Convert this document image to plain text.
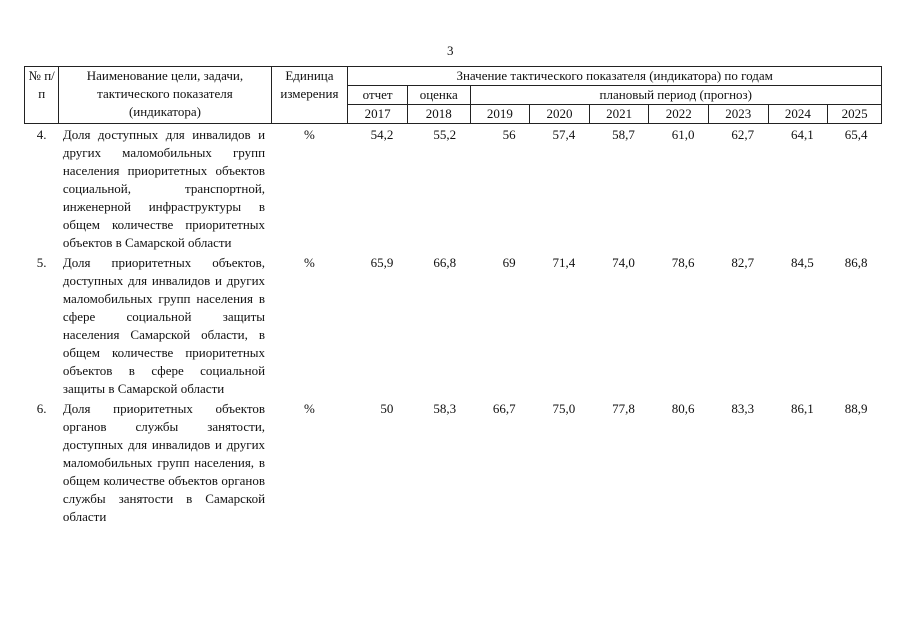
3
№ п/п	Наименование цели, задачи, тактического показателя (индикатора)	Единица измерения	Значение тактического показателя (индикатора) по годам								
			отчет	оценка	плановый период (прогноз)						
			2017	2018	2019	2020	2021	2022	2023	2024	2025
4.	Доля доступных для инвалидов и других маломобильных групп населения приоритетных объектов социальной, транспортной, инженерной инфраструктуры в общем количестве приоритетных объектов в Самарской области	%	54,2	55,2	56	57,4	58,7	61,0	62,7	64,1	65,4
5.	Доля приоритетных объектов, доступных для инвалидов и других маломобильных групп населения в сфере социальной защиты населения Самарской области, в общем количестве приоритетных объектов в сфере социальной защиты в Самарской области	%	65,9	66,8	69	71,4	74,0	78,6	82,7	84,5	86,8
6.	Доля приоритетных объектов органов службы занятости, доступных для инвалидов и других маломобильных групп населения, в общем количестве объектов органов службы занятости в Самарской области	%	50	58,3	66,7	75,0	77,8	80,6	83,3	86,1	88,9
